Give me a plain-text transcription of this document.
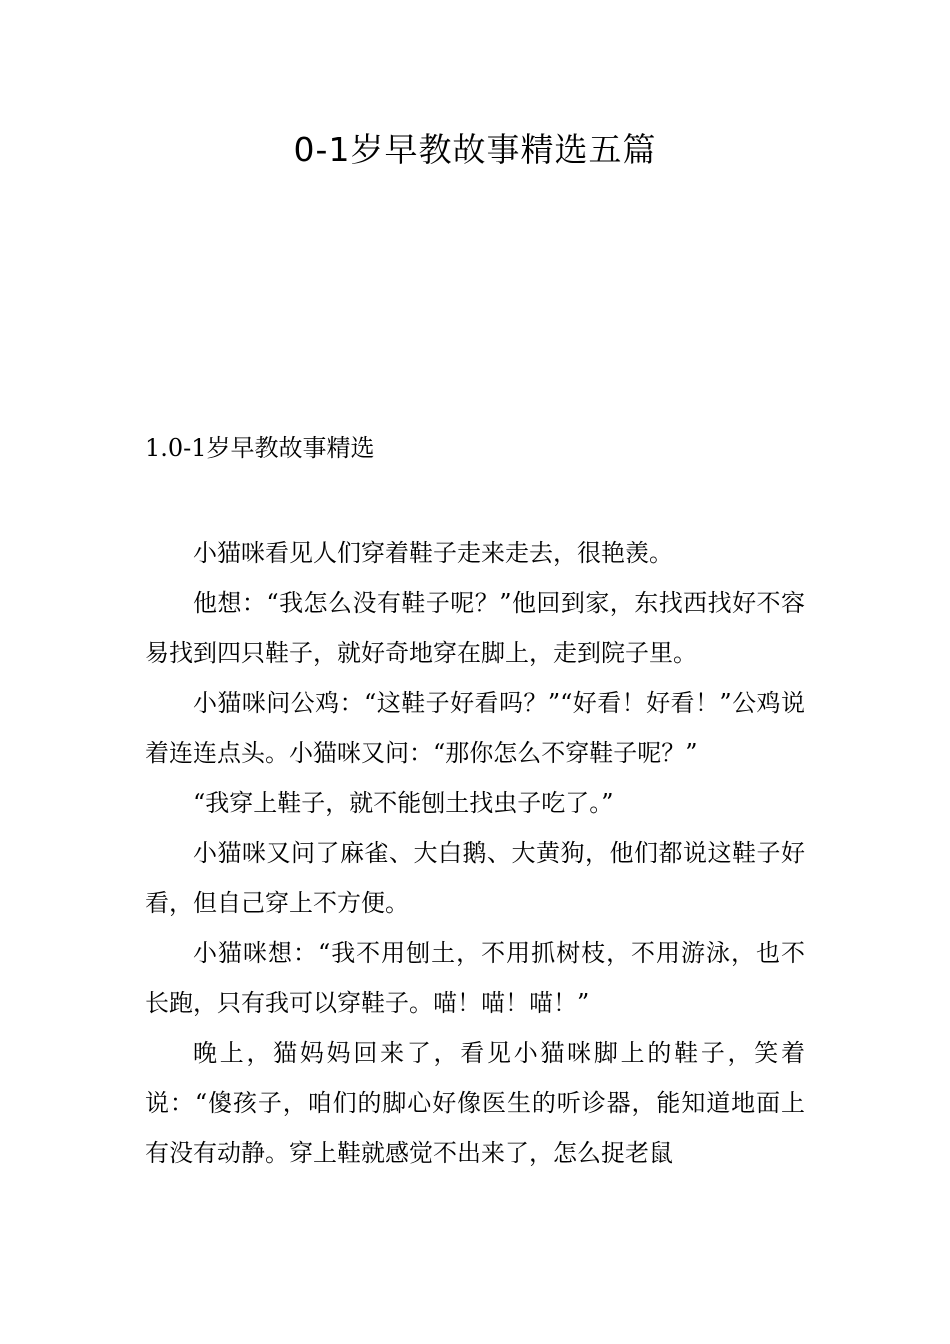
0-1岁早教故事精选五篇
1.0-1岁早教故事精选

小猫咪看见人们穿着鞋子走来走去，很艳羡。

他想：“我怎么没有鞋子呢？”他回到家，东找西找好不容易找到四只鞋子，就好奇地穿在脚上，走到院子里。

小猫咪问公鸡：“这鞋子好看吗？”“好看！好看！”公鸡说着连连点头。小猫咪又问：“那你怎么不穿鞋子呢？”

“我穿上鞋子，就不能刨土找虫子吃了。”

小猫咪又问了麻雀、大白鹅、大黄狗，他们都说这鞋子好看，但自己穿上不方便。

小猫咪想：“我不用刨土，不用抓树枝，不用游泳，也不长跑，只有我可以穿鞋子。喵！喵！喵！”

晚上，猫妈妈回来了，看见小猫咪脚上的鞋子，笑着说：“傻孩子，咱们的脚心好像医生的听诊器，能知道地面上有没有动静。穿上鞋就感觉不出来了，怎么捉老鼠
